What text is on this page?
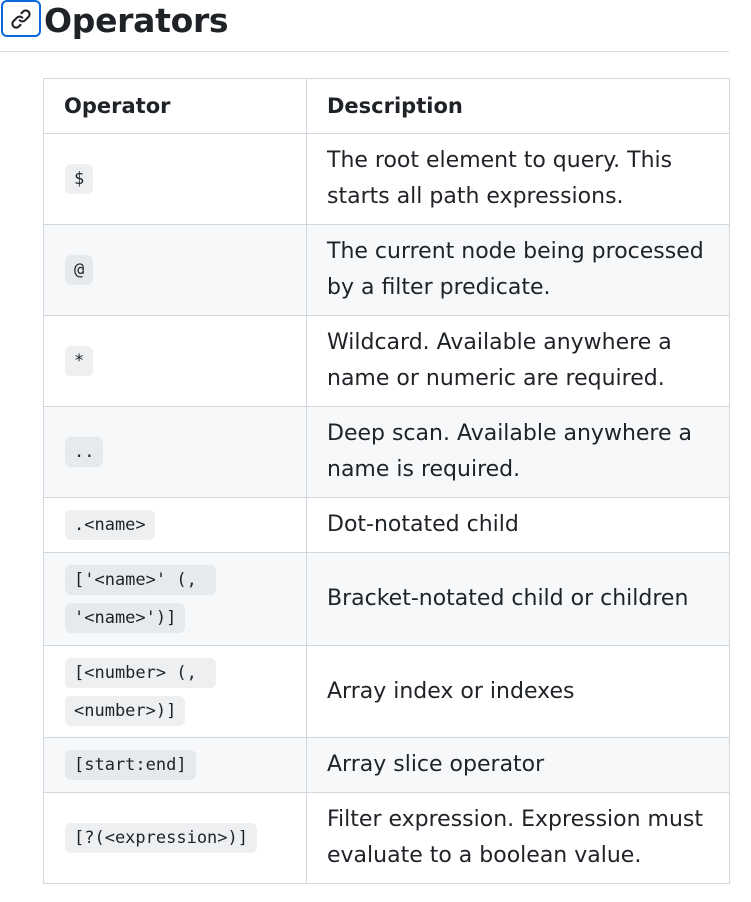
Operators
Operator	Description
$	The root element to query. This starts all path expressions.
@	The current node being processed by a filter predicate.
*	Wildcard. Available anywhere a name or numeric are required.
..	Deep scan. Available anywhere a name is required.
.<name>	Dot-notated child
['<name>' (, '<name>')]	Bracket-notated child or children
[<number> (, <number>)]	Array index or indexes
[start:end]	Array slice operator
[?(<expression>)]	Filter expression. Expression must evaluate to a boolean value.
